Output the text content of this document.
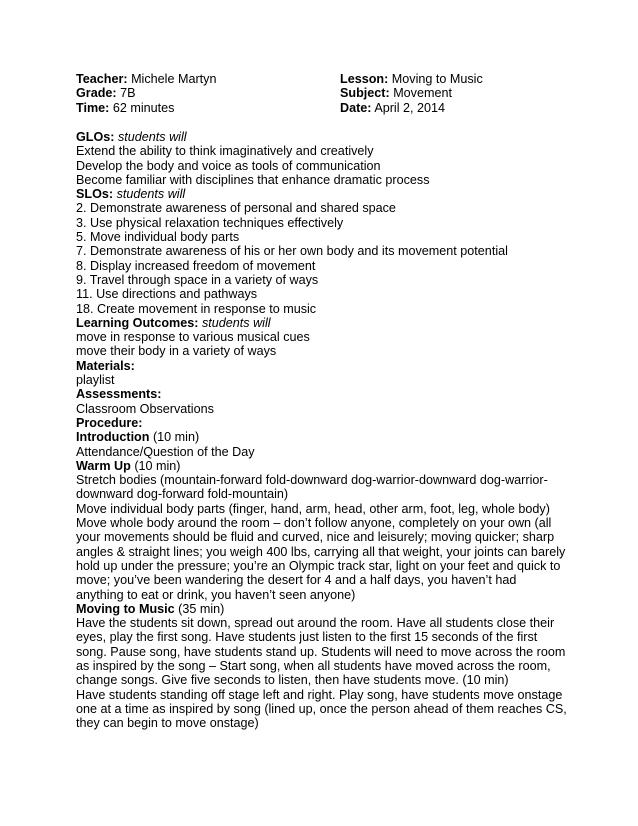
Teacher: Michele Martyn
Grade: 7B
Time: 62 minutes
Lesson: Moving to Music
Subject: Movement
Date: April 2, 2014
GLOs: students will
Extend the ability to think imaginatively and creatively
Develop the body and voice as tools of communication
Become familiar with disciplines that enhance dramatic process
SLOs: students will
2. Demonstrate awareness of personal and shared space
3. Use physical relaxation techniques effectively
5. Move individual body parts
7. Demonstrate awareness of his or her own body and its movement potential
8. Display increased freedom of movement
9. Travel through space in a variety of ways
11. Use directions and pathways
18. Create movement in response to music
Learning Outcomes: students will
move in response to various musical cues
move their body in a variety of ways
Materials:
playlist
Assessments:
Classroom Observations
Procedure:
Introduction (10 min)
Attendance/Question of the Day
Warm Up (10 min)
Stretch bodies (mountain-forward fold-downward dog-warrior-downward dog-warrior-
downward dog-forward fold-mountain)
Move individual body parts (finger, hand, arm, head, other arm, foot, leg, whole body)
Move whole body around the room – don’t follow anyone, completely on your own (all
your movements should be fluid and curved, nice and leisurely; moving quicker; sharp
angles & straight lines; you weigh 400 lbs, carrying all that weight, your joints can barely
hold up under the pressure; you’re an Olympic track star, light on your feet and quick to
move; you’ve been wandering the desert for 4 and a half days, you haven’t had
anything to eat or drink, you haven’t seen anyone)
Moving to Music (35 min)
Have the students sit down, spread out around the room. Have all students close their
eyes, play the first song. Have students just listen to the first 15 seconds of the first
song. Pause song, have students stand up. Students will need to move across the room
as inspired by the song – Start song, when all students have moved across the room,
change songs. Give five seconds to listen, then have students move. (10 min)
Have students standing off stage left and right. Play song, have students move onstage
one at a time as inspired by song (lined up, once the person ahead of them reaches CS,
they can begin to move onstage)
